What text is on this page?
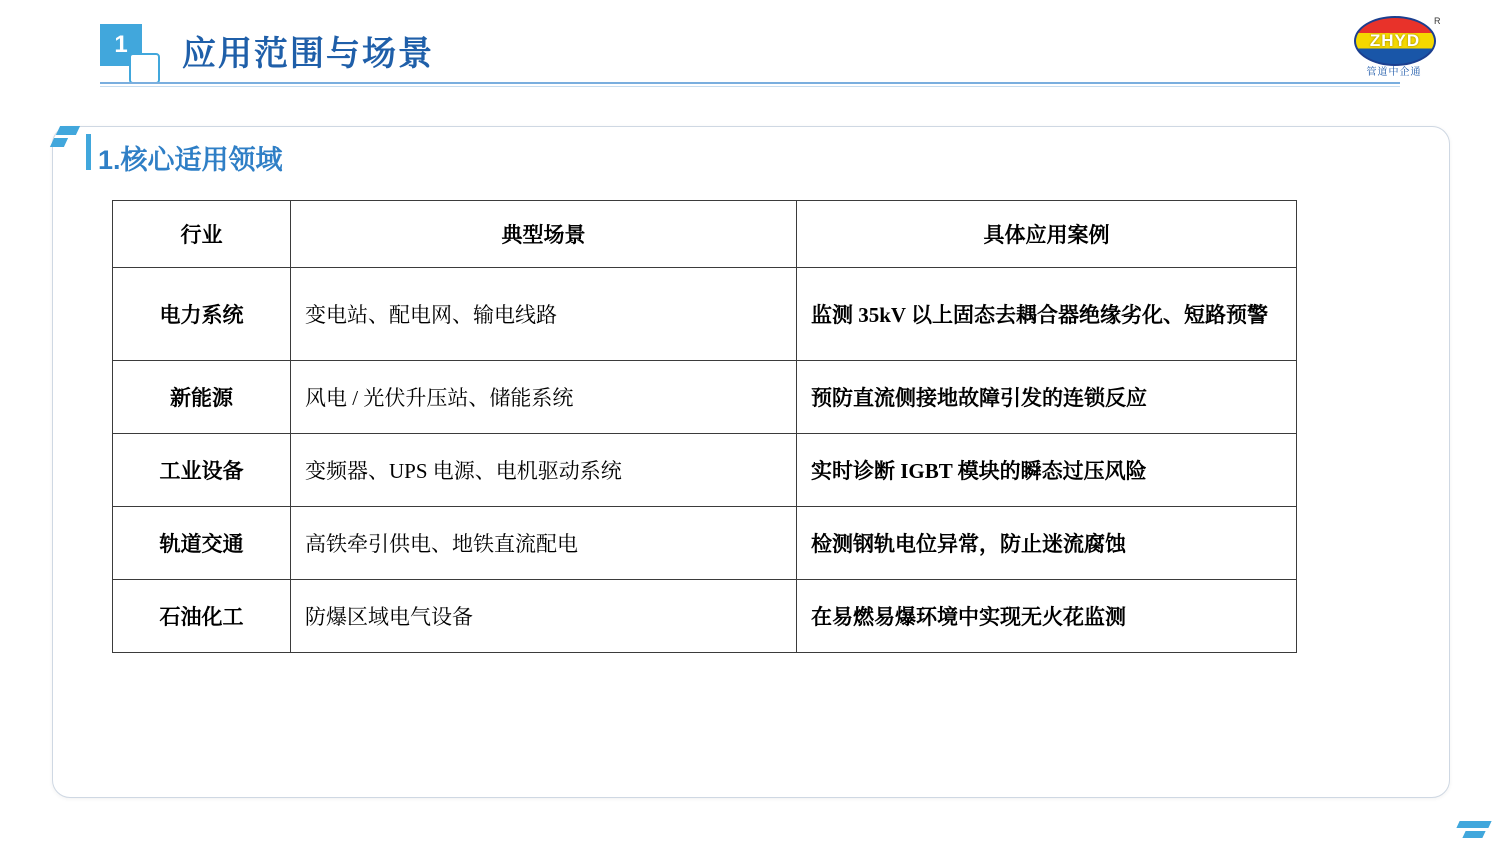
1	应用范围与场景	ZHYD
R
管道中企通
1.核心适用领域
行业	典型场景	具体应用案例
电力系统	变电站、配电网、输电线路	监测 35kV 以上固态去耦合器绝缘劣化、短路预警
新能源	风电 / 光伏升压站、储能系统	预防直流侧接地故障引发的连锁反应
工业设备	变频器、UPS 电源、电机驱动系统	实时诊断 IGBT 模块的瞬态过压风险
轨道交通	高铁牵引供电、地铁直流配电	检测钢轨电位异常，防止迷流腐蚀
石油化工	防爆区域电气设备	在易燃易爆环境中实现无火花监测
